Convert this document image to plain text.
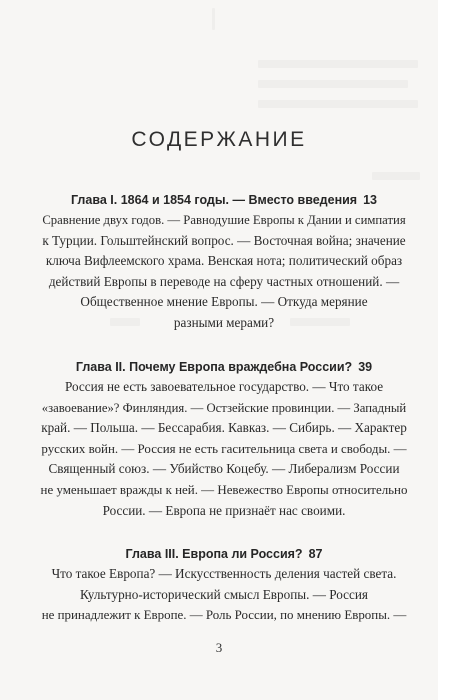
СОДЕРЖАНИЕ
Глава I. 1864 и 1854 годы. — Вместо введения 13
Сравнение двух годов. — Равнодушие Европы к Дании и симпатия
к Турции. Гольштейнский вопрос. — Восточная война; значение
ключа Вифлеемского храма. Венская нота; политический образ
действий Европы в переводе на сферу частных отношений. —
Общественное мнение Европы. — Откуда меряние
разными мерами?
Глава II. Почему Европа враждебна России? 39
Россия не есть завоевательное государство. — Что такое
«завоевание»? Финляндия. — Остзейские провинции. — Западный
край. — Польша. — Бессарабия. Кавказ. — Сибирь. — Характер
русских войн. — Россия не есть гасительница света и свободы. —
Священный союз. — Убийство Коцебу. — Либерализм России
не уменьшает вражды к ней. — Невежество Европы относительно
России. — Европа не признаёт нас своими.
Глава III. Европа ли Россия? 87
Что такое Европа? — Искусственность деления частей света.
Культурно-исторический смысл Европы. — Россия
не принадлежит к Европе. — Роль России, по мнению Европы. —
3
